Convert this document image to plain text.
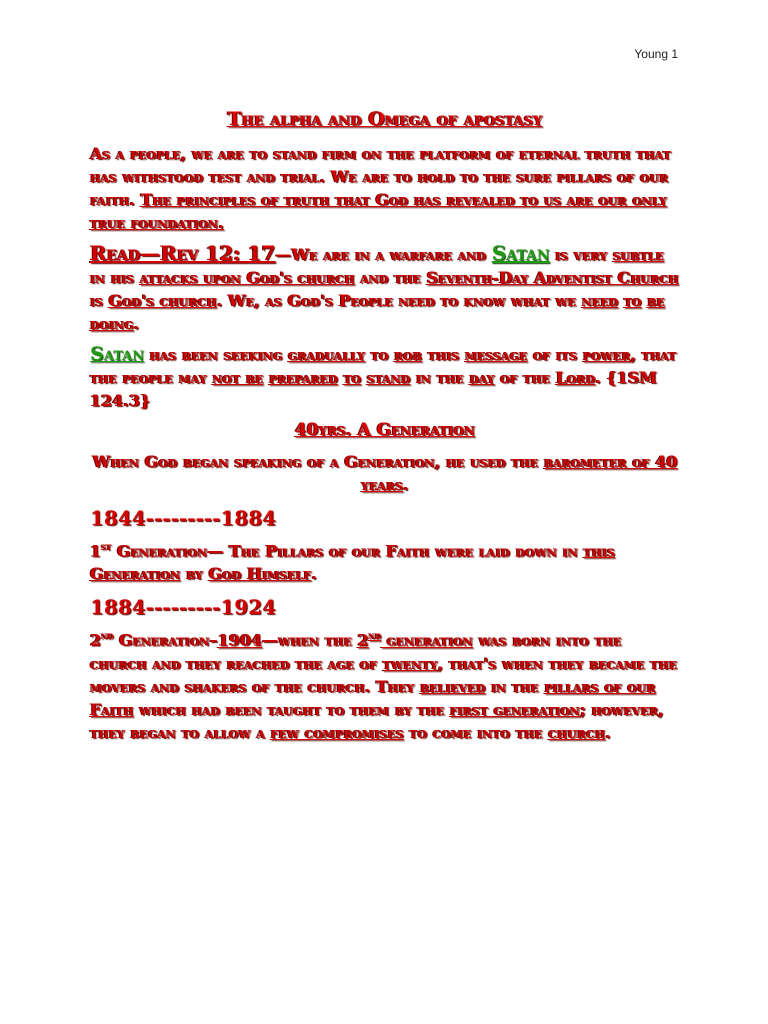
Young 1
The alpha and Omega of apostasy

As a people, we are to stand firm on the platform of eternal truth that has withstood test and trial. We are to hold to the sure pillars of our faith. The principles of truth that God has revealed to us are our only true foundation.

Read—Rev 12: 17—We are in a warfare and Satan is very subtle in his attacks upon God's church and the Seventh-Day Adventist Church is God's church. We, as God's People need to know what we need to be doing.

Satan has been seeking gradually to rob this message of its power, that the people may not be prepared to stand in the day of the Lord. {1SM 124.3}

40yrs. A Generation

When God began speaking of a Generation, he used the barometer of 40 years.

1844---------1884

1st Generation— The Pillars of our Faith were laid down in this Generation by God Himself.

1884---------1924

2nd Generation–1904—when the 2nd generation was born into the church and they reached the age of twenty, that's when they became the movers and shakers of the church. They believed in the pillars of our Faith which had been taught to them by the first generation; however, they began to allow a few compromises to come into the church.
